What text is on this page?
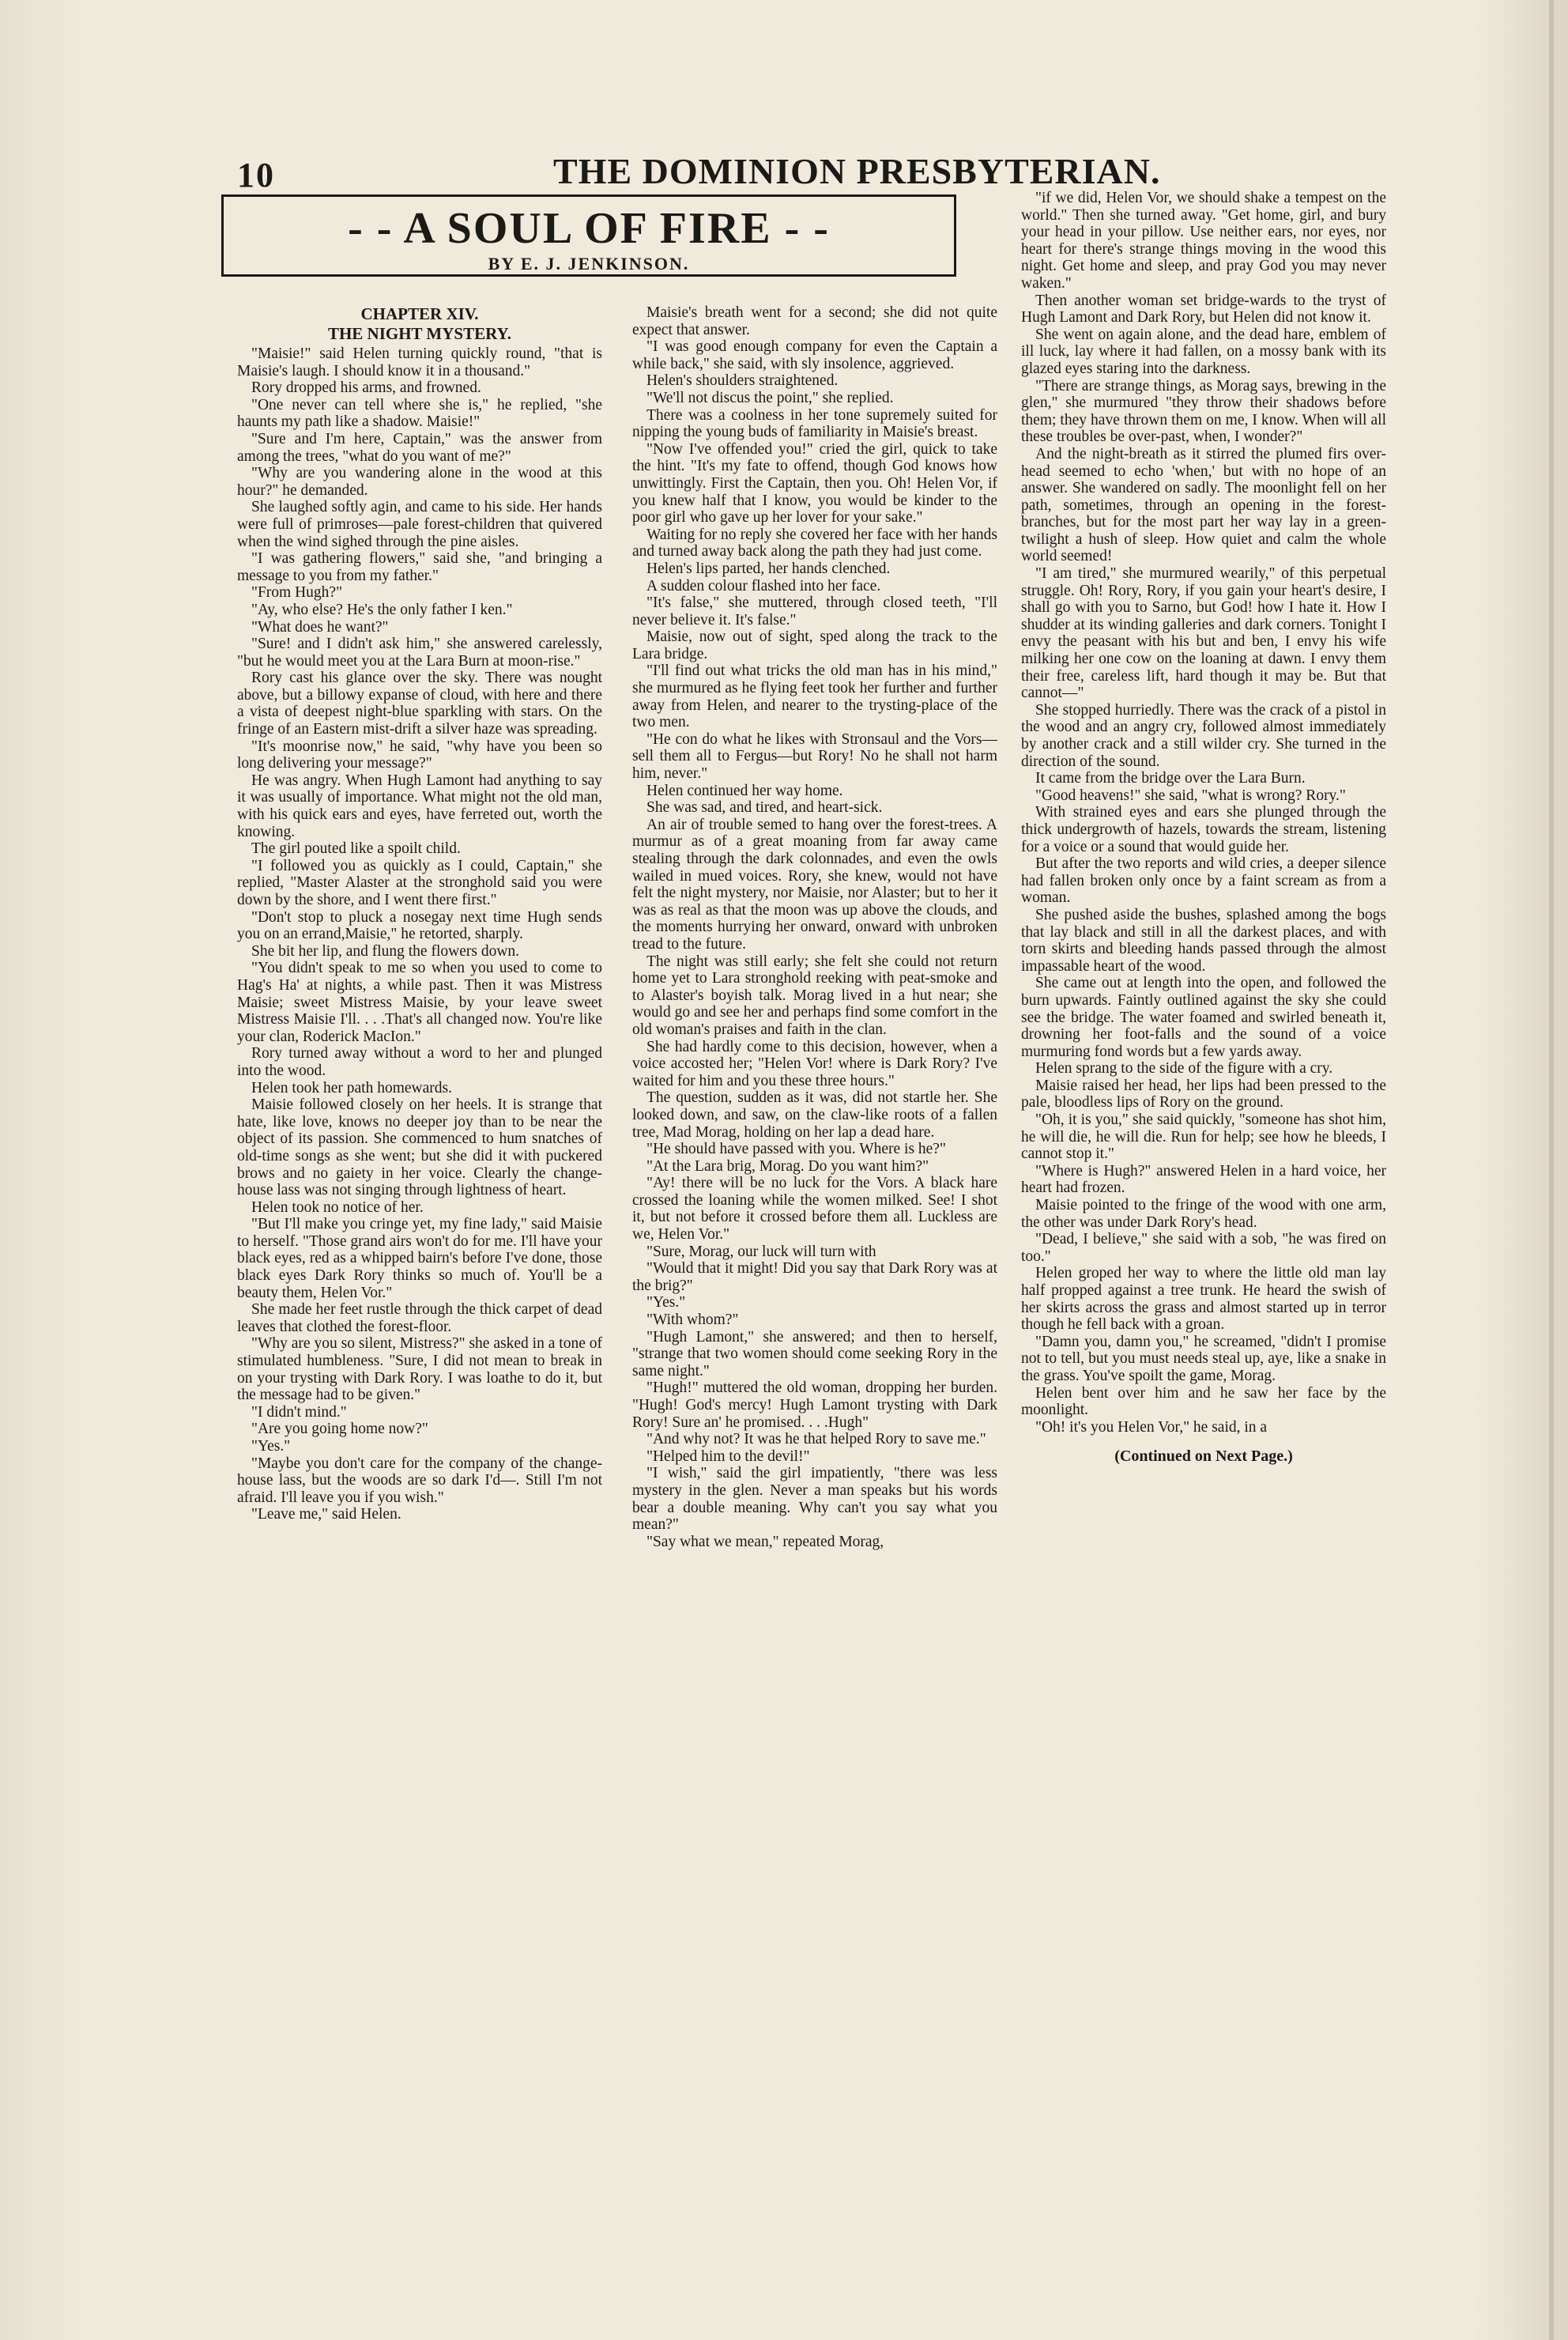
10	THE DOMINION PRESBYTERIAN.
- - A SOUL OF FIRE - -
BY E. J. JENKINSON.
CHAPTER XIV.
THE NIGHT MYSTERY.

"Maisie!" said Helen turning quickly round, "that is Maisie's laugh. I should know it in a thousand."

Rory dropped his arms, and frowned.

"One never can tell where she is," he replied, "she haunts my path like a shadow. Maisie!"

"Sure and I'm here, Captain," was the answer from among the trees, "what do you want of me?"

"Why are you wandering alone in the wood at this hour?" he demanded.

She laughed softly agin, and came to his side. Her hands were full of primroses—pale forest-children that quivered when the wind sighed through the pine aisles.

"I was gathering flowers," said she, "and bringing a message to you from my father."

"From Hugh?"

"Ay, who else? He's the only father I ken."

"What does he want?"

"Sure! and I didn't ask him," she answered carelessly, "but he would meet you at the Lara Burn at moon-rise."

Rory cast his glance over the sky. There was nought above, but a billowy expanse of cloud, with here and there a vista of deepest night-blue sparkling with stars. On the fringe of an Eastern mist-drift a silver haze was spreading.

"It's moonrise now," he said, "why have you been so long delivering your message?"

He was angry. When Hugh Lamont had anything to say it was usually of importance. What might not the old man, with his quick ears and eyes, have ferreted out, worth the knowing.

The girl pouted like a spoilt child.

"I followed you as quickly as I could, Captain," she replied, "Master Alaster at the stronghold said you were down by the shore, and I went there first."

"Don't stop to pluck a nosegay next time Hugh sends you on an errand,Maisie," he retorted, sharply.

She bit her lip, and flung the flowers down.

"You didn't speak to me so when you used to come to Hag's Ha' at nights, a while past. Then it was Mistress Maisie; sweet Mistress Maisie, by your leave sweet Mistress Maisie I'll. . . .That's all changed now. You're like your clan, Roderick MacIon."

Rory turned away without a word to her and plunged into the wood.

Helen took her path homewards.

Maisie followed closely on her heels. It is strange that hate, like love, knows no deeper joy than to be near the object of its passion. She commenced to hum snatches of old-time songs as she went; but she did it with puckered brows and no gaiety in her voice. Clearly the change-house lass was not singing through lightness of heart.

Helen took no notice of her.

"But I'll make you cringe yet, my fine lady," said Maisie to herself. "Those grand airs won't do for me. I'll have your black eyes, red as a whipped bairn's before I've done, those black eyes Dark Rory thinks so much of. You'll be a beauty them, Helen Vor."

She made her feet rustle through the thick carpet of dead leaves that clothed the forest-floor.

"Why are you so silent, Mistress?" she asked in a tone of stimulated humbleness. "Sure, I did not mean to break in on your trysting with Dark Rory. I was loathe to do it, but the message had to be given."

"I didn't mind."

"Are you going home now?"

"Yes."

"Maybe you don't care for the company of the change-house lass, but the woods are so dark I'd—. Still I'm not afraid. I'll leave you if you wish."

"Leave me," said Helen.

Maisie's breath went for a second; she did not quite expect that answer.

"I was good enough company for even the Captain a while back," she said, with sly insolence, aggrieved.

Helen's shoulders straightened.

"We'll not discus the point," she replied.

There was a coolness in her tone supremely suited for nipping the young buds of familiarity in Maisie's breast.

"Now I've offended you!" cried the girl, quick to take the hint. "It's my fate to offend, though God knows how unwittingly. First the Captain, then you. Oh! Helen Vor, if you knew half that I know, you would be kinder to the poor girl who gave up her lover for your sake."

Waiting for no reply she covered her face with her hands and turned away back along the path they had just come.

Helen's lips parted, her hands clenched.

A sudden colour flashed into her face.

"It's false," she muttered, through closed teeth, "I'll never believe it. It's false."

Maisie, now out of sight, sped along the track to the Lara bridge.

"I'll find out what tricks the old man has in his mind," she murmured as he flying feet took her further and further away from Helen, and nearer to the trysting-place of the two men.

"He con do what he likes with Stronsaul and the Vors—sell them all to Fergus—but Rory! No he shall not harm him, never."

Helen continued her way home.

She was sad, and tired, and heart-sick.

An air of trouble semed to hang over the forest-trees. A murmur as of a great moaning from far away came stealing through the dark colonnades, and even the owls wailed in mued voices. Rory, she knew, would not have felt the night mystery, nor Maisie, nor Alaster; but to her it was as real as that the moon was up above the clouds, and the moments hurrying her onward, onward with unbroken tread to the future.

The night was still early; she felt she could not return home yet to Lara stronghold reeking with peat-smoke and to Alaster's boyish talk. Morag lived in a hut near; she would go and see her and perhaps find some comfort in the old woman's praises and faith in the clan.

She had hardly come to this decision, however, when a voice accosted her; "Helen Vor! where is Dark Rory? I've waited for him and you these three hours."

The question, sudden as it was, did not startle her. She looked down, and saw, on the claw-like roots of a fallen tree, Mad Morag, holding on her lap a dead hare.

"He should have passed with you. Where is he?"

"At the Lara brig, Morag. Do you want him?"

"Ay! there will be no luck for the Vors. A black hare crossed the loaning while the women milked. See! I shot it, but not before it crossed before them all. Luckless are we, Helen Vor."

"Sure, Morag, our luck will turn with

"Would that it might! Did you say that Dark Rory was at the brig?"

"Yes."

"With whom?"

"Hugh Lamont," she answered; and then to herself, "strange that two women should come seeking Rory in the same night."

"Hugh!" muttered the old woman, dropping her burden. "Hugh! God's mercy! Hugh Lamont trysting with Dark Rory! Sure an' he promised. . . .Hugh"

"And why not? It was he that helped Rory to save me."

"Helped him to the devil!"

"I wish," said the girl impatiently, "there was less mystery in the glen. Never a man speaks but his words bear a double meaning. Why can't you say what you mean?"

"Say what we mean," repeated Morag,

"if we did, Helen Vor, we should shake a tempest on the world." Then she turned away. "Get home, girl, and bury your head in your pillow. Use neither ears, nor eyes, nor heart for there's strange things moving in the wood this night. Get home and sleep, and pray God you may never waken."

Then another woman set bridge-wards to the tryst of Hugh Lamont and Dark Rory, but Helen did not know it.

She went on again alone, and the dead hare, emblem of ill luck, lay where it had fallen, on a mossy bank with its glazed eyes staring into the darkness.

"There are strange things, as Morag says, brewing in the glen," she murmured "they throw their shadows before them; they have thrown them on me, I know. When will all these troubles be over-past, when, I wonder?"

And the night-breath as it stirred the plumed firs over-head seemed to echo 'when,' but with no hope of an answer. She wandered on sadly. The moonlight fell on her path, sometimes, through an opening in the forest-branches, but for the most part her way lay in a green-twilight a hush of sleep. How quiet and calm the whole world seemed!

"I am tired," she murmured wearily," of this perpetual struggle. Oh! Rory, Rory, if you gain your heart's desire, I shall go with you to Sarno, but God! how I hate it. How I shudder at its winding galleries and dark corners. Tonight I envy the peasant with his but and ben, I envy his wife milking her one cow on the loaning at dawn. I envy them their free, careless lift, hard though it may be. But that cannot—"

She stopped hurriedly. There was the crack of a pistol in the wood and an angry cry, followed almost immediately by another crack and a still wilder cry. She turned in the direction of the sound.

It came from the bridge over the Lara Burn.

"Good heavens!" she said, "what is wrong? Rory."

With strained eyes and ears she plunged through the thick undergrowth of hazels, towards the stream, listening for a voice or a sound that would guide her.

But after the two reports and wild cries, a deeper silence had fallen broken only once by a faint scream as from a woman.

She pushed aside the bushes, splashed among the bogs that lay black and still in all the darkest places, and with torn skirts and bleeding hands passed through the almost impassable heart of the wood.

She came out at length into the open, and followed the burn upwards. Faintly outlined against the sky she could see the bridge. The water foamed and swirled beneath it, drowning her foot-falls and the sound of a voice murmuring fond words but a few yards away.

Helen sprang to the side of the figure with a cry.

Maisie raised her head, her lips had been pressed to the pale, bloodless lips of Rory on the ground.

"Oh, it is you," she said quickly, "someone has shot him, he will die, he will die. Run for help; see how he bleeds, I cannot stop it."

"Where is Hugh?" answered Helen in a hard voice, her heart had frozen.

Maisie pointed to the fringe of the wood with one arm, the other was under Dark Rory's head.

"Dead, I believe," she said with a sob, "he was fired on too."

Helen groped her way to where the little old man lay half propped against a tree trunk. He heard the swish of her skirts across the grass and almost started up in terror though he fell back with a groan.

"Damn you, damn you," he screamed, "didn't I promise not to tell, but you must needs steal up, aye, like a snake in the grass. You've spoilt the game, Morag.

Helen bent over him and he saw her face by the moonlight.

"Oh! it's you Helen Vor," he said, in a

(Continued on Next Page.)
